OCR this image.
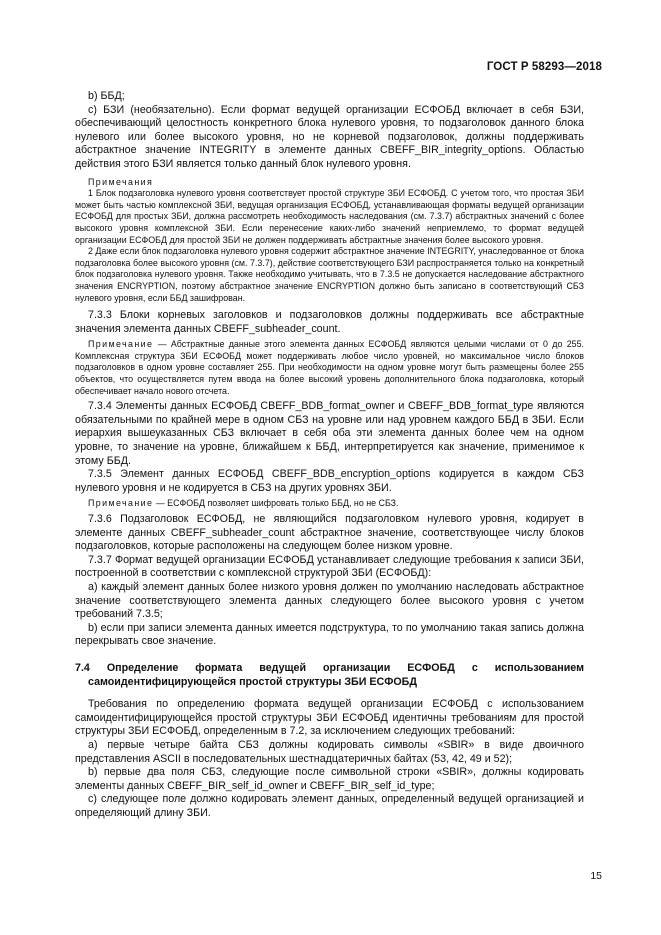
ГОСТ Р 58293—2018

b) ББД;

с) БЗИ (необязательно). Если формат ведущей организации ЕСФОБД включает в себя БЗИ, обеспечивающий целостность конкретного блока нулевого уровня, то подзаголовок данного блока нулевого или более высокого уровня, но не корневой подзаголовок, должны поддерживать абстрактное значение INTEGRITY в элементе данных CBEFF_BIR_integrity_options. Областью действия этого БЗИ является только данный блок нулевого уровня.

Примечания

1 Блок подзаголовка нулевого уровня соответствует простой структуре ЗБИ ЕСФОБД. С учетом того, что простая ЗБИ может быть частью комплексной ЗБИ, ведущая организация ЕСФОБД, устанавливающая форматы ведущей организации ЕСФОБД для простых ЗБИ, должна рассмотреть необходимость наследования (см. 7.3.7) абстрактных значений с более высокого уровня комплексной ЗБИ. Если перенесение каких-либо значений неприемлемо, то формат ведущей организации ЕСФОБД для простой ЗБИ не должен поддерживать абстрактные значения более высокого уровня.

2 Даже если блок подзаголовка нулевого уровня содержит абстрактное значение INTEGRITY, унаследованное от блока подзаголовка более высокого уровня (см. 7.3.7), действие соответствующего БЗИ распространяется только на конкретный блок подзаголовка нулевого уровня. Также необходимо учитывать, что в 7.3.5 не допускается наследование абстрактного значения ENCRYPTION, поэтому абстрактное значение ENCRYPTION должно быть записано в соответствующий СБЗ нулевого уровня, если ББД зашифрован.

7.3.3 Блоки корневых заголовков и подзаголовков должны поддерживать все абстрактные значения элемента данных CBEFF_subheader_count.

Примечание — Абстрактные данные этого элемента данных ЕСФОБД являются целыми числами от 0 до 255. Комплексная структура ЗБИ ЕСФОБД может поддерживать любое число уровней, но максимальное число блоков подзаголовков в одном уровне составляет 255. При необходимости на одном уровне могут быть размещены более 255 объектов, что осуществляется путем ввода на более высокий уровень дополнительного блока подзаголовка, который обеспечивает начало нового отсчета.

7.3.4 Элементы данных ЕСФОБД CBEFF_BDB_format_owner и CBEFF_BDB_format_type являются обязательными по крайней мере в одном СБЗ на уровне или над уровнем каждого ББД в ЗБИ. Если иерархия вышеуказанных СБЗ включает в себя оба эти элемента данных более чем на одном уровне, то значение на уровне, ближайшем к ББД, интерпретируется как значение, применимое к этому ББД.

7.3.5 Элемент данных ЕСФОБД CBEFF_BDB_encryption_options кодируется в каждом СБЗ нулевого уровня и не кодируется в СБЗ на других уровнях ЗБИ.

Примечание — ЕСФОБД позволяет шифровать только ББД, но не СБЗ.

7.3.6 Подзаголовок ЕСФОБД, не являющийся подзаголовком нулевого уровня, кодирует в элементе данных CBEFF_subheader_count абстрактное значение, соответствующее числу блоков подзаголовков, которые расположены на следующем более низком уровне.

7.3.7 Формат ведущей организации ЕСФОБД устанавливает следующие требования к записи ЗБИ, построенной в соответствии с комплексной структурой ЗБИ (ЕСФОБД):

а) каждый элемент данных более низкого уровня должен по умолчанию наследовать абстрактное значение соответствующего элемента данных следующего более высокого уровня с учетом требований 7.3.5;

b) если при записи элемента данных имеется подструктура, то по умолчанию такая запись должна перекрывать свое значение.

7.4 Определение формата ведущей организации ЕСФОБД с использованием самоидентифицирующейся простой структуры ЗБИ ЕСФОБД

Требования по определению формата ведущей организации ЕСФОБД с использованием самоидентифицирующейся простой структуры ЗБИ ЕСФОБД идентичны требованиям для простой структуры ЗБИ ЕСФОБД, определенным в 7.2, за исключением следующих требований:

а) первые четыре байта СБЗ должны кодировать символы «SBIR» в виде двоичного представления ASCII в последовательных шестнадцатеричных байтах (53, 42, 49 и 52);

b) первые два поля СБЗ, следующие после символьной строки «SBIR», должны кодировать элементы данных CBEFF_BIR_self_id_owner и CBEFF_BIR_self_id_type;

с) следующее поле должно кодировать элемент данных, определенный ведущей организацией и определяющий длину ЗБИ.

15
